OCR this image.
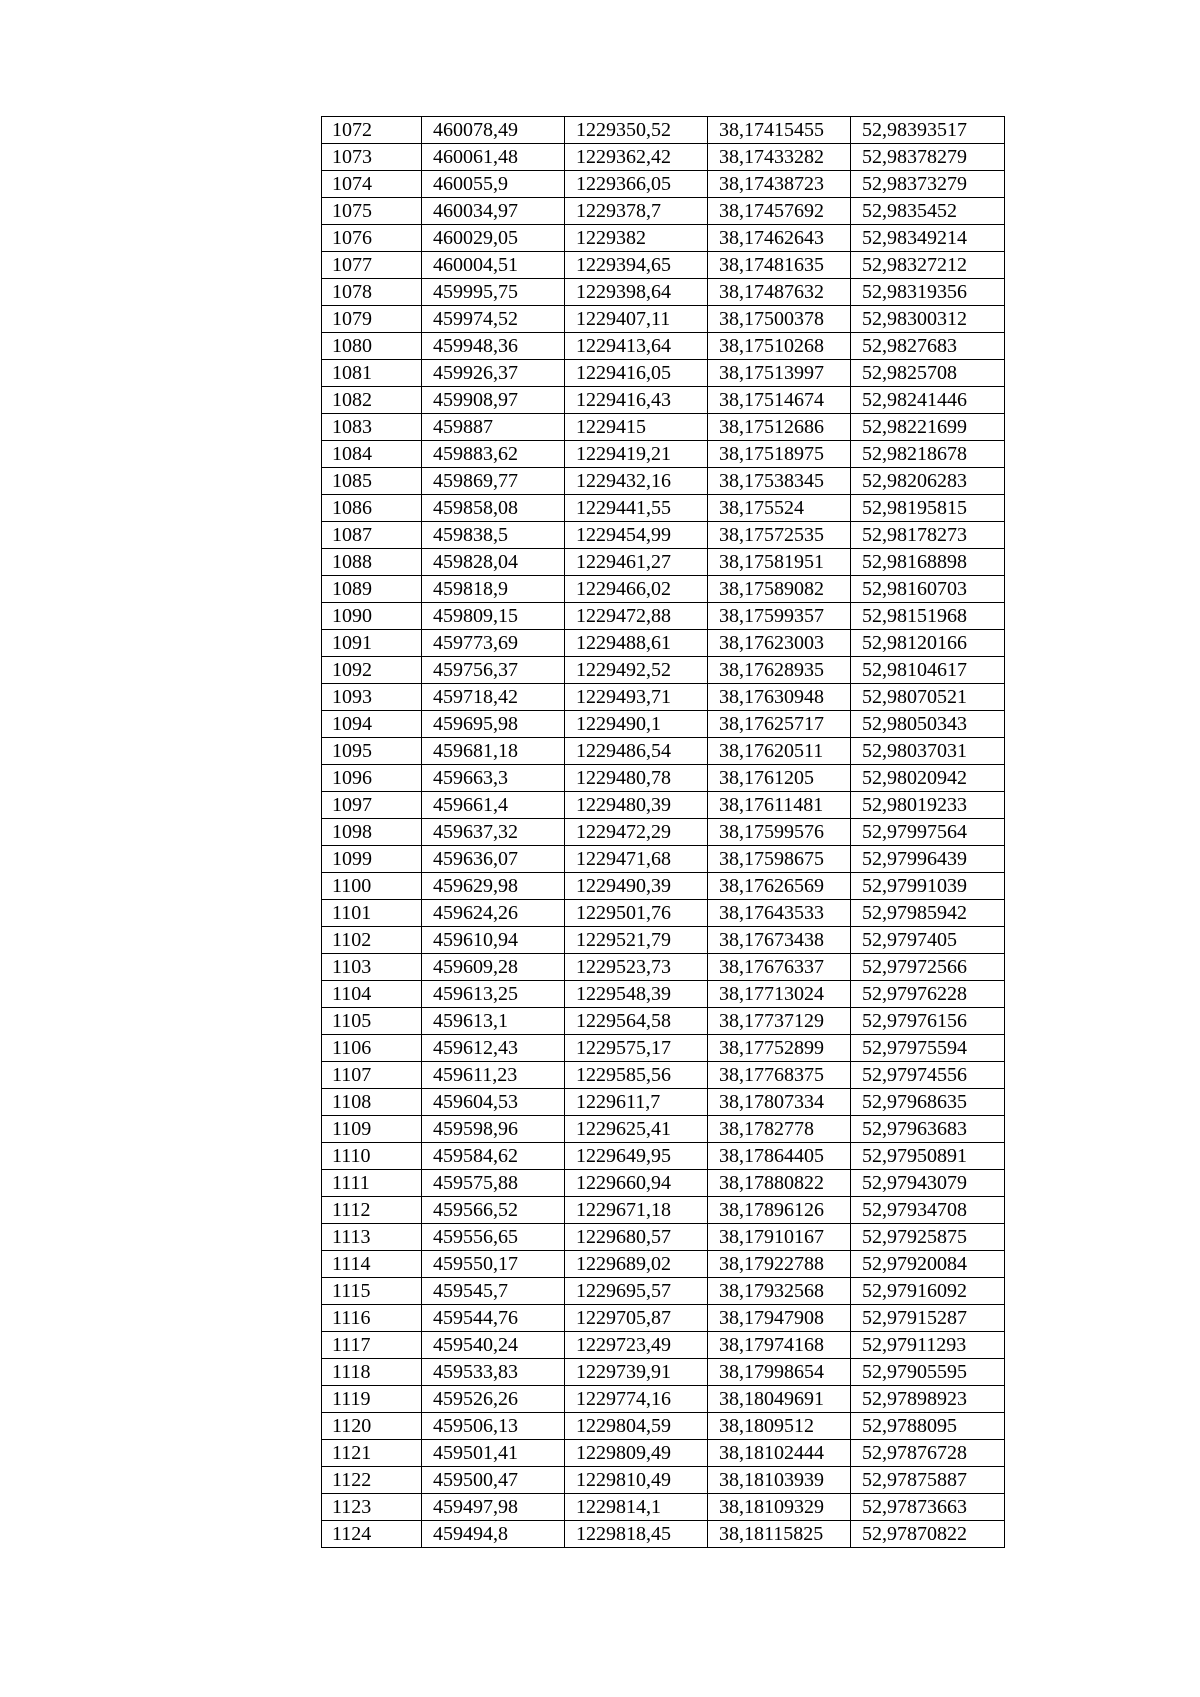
1072	460078,49	1229350,52	38,17415455	52,98393517
1073	460061,48	1229362,42	38,17433282	52,98378279
1074	460055,9	1229366,05	38,17438723	52,98373279
1075	460034,97	1229378,7	38,17457692	52,9835452
1076	460029,05	1229382	38,17462643	52,98349214
1077	460004,51	1229394,65	38,17481635	52,98327212
1078	459995,75	1229398,64	38,17487632	52,98319356
1079	459974,52	1229407,11	38,17500378	52,98300312
1080	459948,36	1229413,64	38,17510268	52,9827683
1081	459926,37	1229416,05	38,17513997	52,9825708
1082	459908,97	1229416,43	38,17514674	52,98241446
1083	459887	1229415	38,17512686	52,98221699
1084	459883,62	1229419,21	38,17518975	52,98218678
1085	459869,77	1229432,16	38,17538345	52,98206283
1086	459858,08	1229441,55	38,175524	52,98195815
1087	459838,5	1229454,99	38,17572535	52,98178273
1088	459828,04	1229461,27	38,17581951	52,98168898
1089	459818,9	1229466,02	38,17589082	52,98160703
1090	459809,15	1229472,88	38,17599357	52,98151968
1091	459773,69	1229488,61	38,17623003	52,98120166
1092	459756,37	1229492,52	38,17628935	52,98104617
1093	459718,42	1229493,71	38,17630948	52,98070521
1094	459695,98	1229490,1	38,17625717	52,98050343
1095	459681,18	1229486,54	38,17620511	52,98037031
1096	459663,3	1229480,78	38,1761205	52,98020942
1097	459661,4	1229480,39	38,17611481	52,98019233
1098	459637,32	1229472,29	38,17599576	52,97997564
1099	459636,07	1229471,68	38,17598675	52,97996439
1100	459629,98	1229490,39	38,17626569	52,97991039
1101	459624,26	1229501,76	38,17643533	52,97985942
1102	459610,94	1229521,79	38,17673438	52,9797405
1103	459609,28	1229523,73	38,17676337	52,97972566
1104	459613,25	1229548,39	38,17713024	52,97976228
1105	459613,1	1229564,58	38,17737129	52,97976156
1106	459612,43	1229575,17	38,17752899	52,97975594
1107	459611,23	1229585,56	38,17768375	52,97974556
1108	459604,53	1229611,7	38,17807334	52,97968635
1109	459598,96	1229625,41	38,1782778	52,97963683
1110	459584,62	1229649,95	38,17864405	52,97950891
1111	459575,88	1229660,94	38,17880822	52,97943079
1112	459566,52	1229671,18	38,17896126	52,97934708
1113	459556,65	1229680,57	38,17910167	52,97925875
1114	459550,17	1229689,02	38,17922788	52,97920084
1115	459545,7	1229695,57	38,17932568	52,97916092
1116	459544,76	1229705,87	38,17947908	52,97915287
1117	459540,24	1229723,49	38,17974168	52,97911293
1118	459533,83	1229739,91	38,17998654	52,97905595
1119	459526,26	1229774,16	38,18049691	52,97898923
1120	459506,13	1229804,59	38,1809512	52,9788095
1121	459501,41	1229809,49	38,18102444	52,97876728
1122	459500,47	1229810,49	38,18103939	52,97875887
1123	459497,98	1229814,1	38,18109329	52,97873663
1124	459494,8	1229818,45	38,18115825	52,97870822
